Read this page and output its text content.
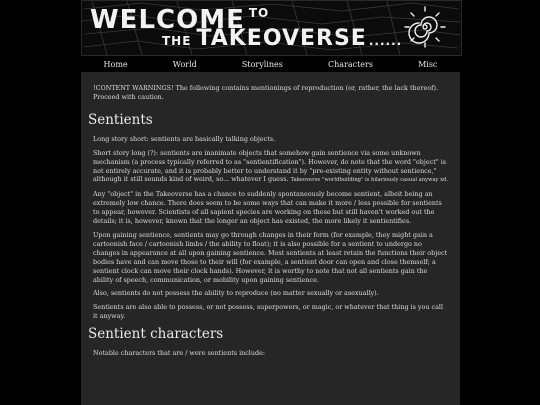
WELCOME $^{TO}$
THE TAKEOVERSE ......
Home	World	Storylines	Characters	Misc

!CONTENT WARNINGS! The following contains mentionings of reproduction (or, rather, the lack thereof). Proceed with caution.

Sentients

Long story short: sentients are basically talking objects.

Short story long (?): sentients are inanimate objects that somehow gain sentience via some unknown mechanism (a process typically referred to as "sentientification"). However, do note that the word "object" is not entirely accurate, and it is probably better to understand it by "pre-existing entity without sentience," although it still sounds kind of weird, so... whatever I guess. Takeoverse "worldbuilding" is hilariously casual anyway xd.

Any "object" in the Takeoverse has a chance to suddenly spontaneously become sentient, albeit being an extremely low chance. There does seem to be some ways that can make it more / less possible for sentients to appear, however. Scientists of all sapient species are working on these but still haven't worked out the details; it is, however, known that the longer an object has existed, the more likely it sentientifies.

Upon gaining sentience, sentients may go through changes in their form (for example, they might gain a cartoonish face / cartoonish limbs / the ability to float); it is also possible for a sentient to undergo no changes in appearance at all upon gaining sentience. Most sentients at least retain the functions their object bodies have and can move those to their will (for example, a sentient door can open and close themself; a sentient clock can move their clock hands). However, it is worthy to note that not all sentients gain the ability of speech, communication, or mobility upon gaining sentience.

Also, sentients do not possess the ability to reproduce (no matter sexually or asexually).

Sentients are also able to possess, or not possess, superpowers, or magic, or whatever that thing is you call it anyway.

Sentient characters

Notable characters that are / were sentients include:
